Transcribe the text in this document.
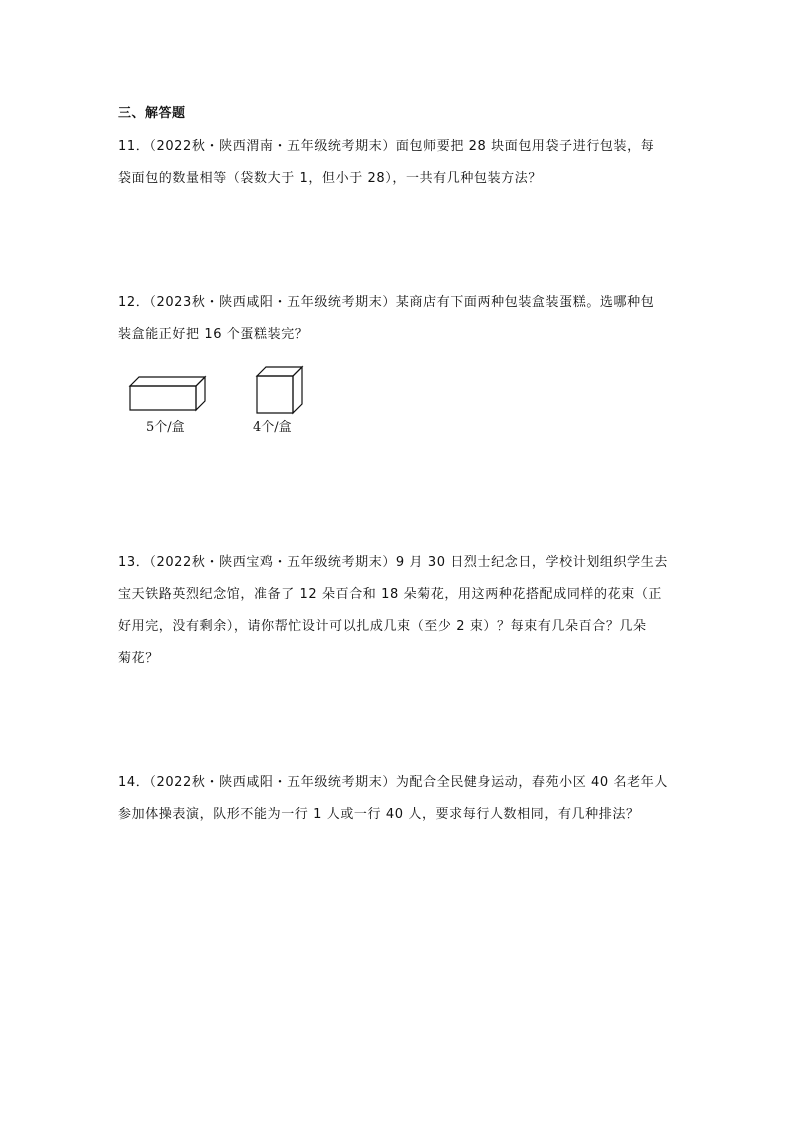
三、解答题
11．（2022秋・陕西渭南・五年级统考期末）面包师要把 28 块面包用袋子进行包装，每
袋面包的数量相等（袋数大于 1，但小于 28），一共有几种包装方法？
12．（2023秋・陕西咸阳・五年级统考期末）某商店有下面两种包装盒装蛋糕。选哪种包
装盒能正好把 16 个蛋糕装完？
5个/盒	4个/盒
13．（2022秋・陕西宝鸡・五年级统考期末）9 月 30 日烈士纪念日，学校计划组织学生去
宝天铁路英烈纪念馆，准备了 12 朵百合和 18 朵菊花，用这两种花搭配成同样的花束（正
好用完，没有剩余），请你帮忙设计可以扎成几束（至少 2 束）？每束有几朵百合？几朵
菊花？
14．（2022秋・陕西咸阳・五年级统考期末）为配合全民健身运动，春苑小区 40 名老年人
参加体操表演，队形不能为一行 1 人或一行 40 人，要求每行人数相同，有几种排法？
